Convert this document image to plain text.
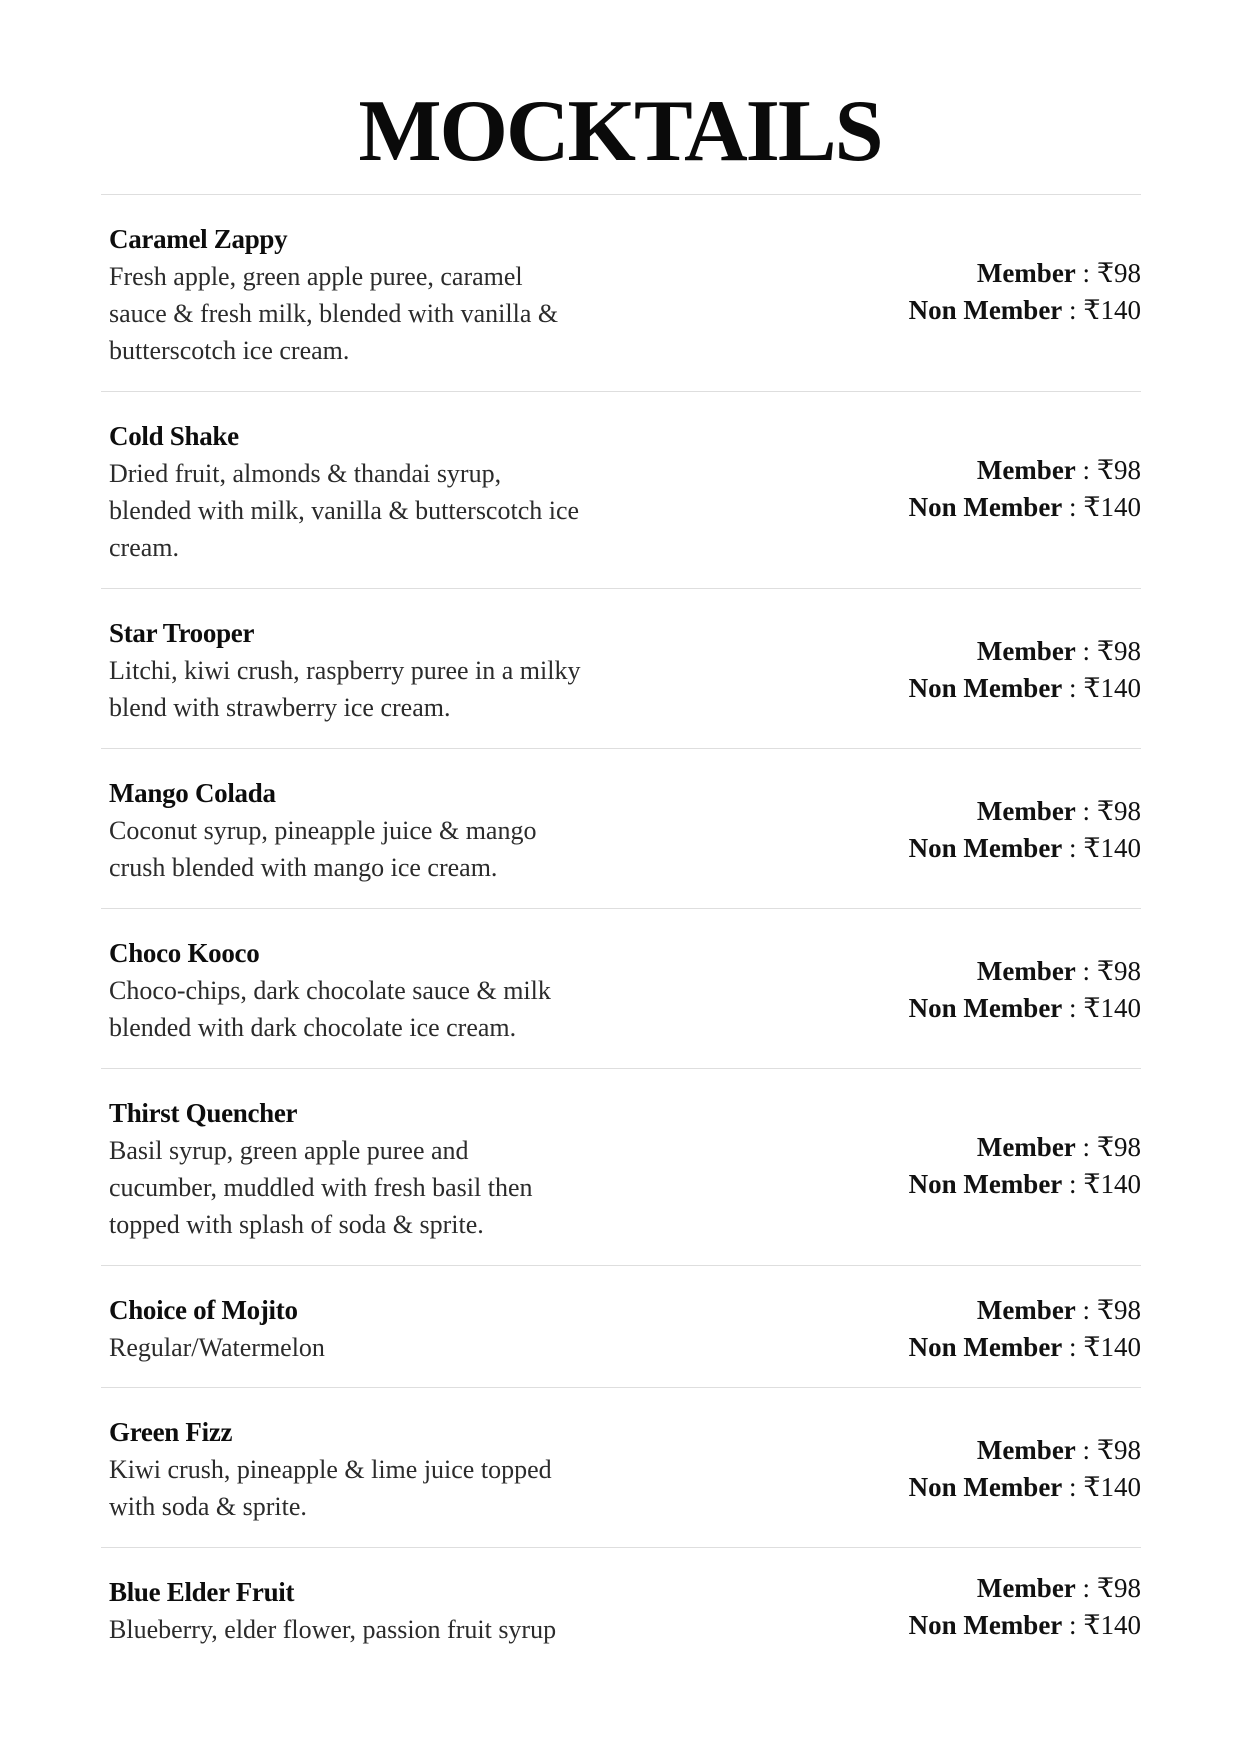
MOCKTAILS
Caramel Zappy
Fresh apple, green apple puree, caramel
sauce & fresh milk, blended with vanilla &
butterscotch ice cream.
Member : ₹98
Non Member : ₹140
Cold Shake
Dried fruit, almonds & thandai syrup,
blended with milk, vanilla & butterscotch ice
cream.
Member : ₹98
Non Member : ₹140
Star Trooper
Litchi, kiwi crush, raspberry puree in a milky
blend with strawberry ice cream.
Member : ₹98
Non Member : ₹140
Mango Colada
Coconut syrup, pineapple juice & mango
crush blended with mango ice cream.
Member : ₹98
Non Member : ₹140
Choco Kooco
Choco-chips, dark chocolate sauce & milk
blended with dark chocolate ice cream.
Member : ₹98
Non Member : ₹140
Thirst Quencher
Basil syrup, green apple puree and
cucumber, muddled with fresh basil then
topped with splash of soda & sprite.
Member : ₹98
Non Member : ₹140
Choice of Mojito
Regular/Watermelon
Member : ₹98
Non Member : ₹140
Green Fizz
Kiwi crush, pineapple & lime juice topped
with soda & sprite.
Member : ₹98
Non Member : ₹140
Blue Elder Fruit
Blueberry, elder flower, passion fruit syrup
Member : ₹98
Non Member : ₹140
